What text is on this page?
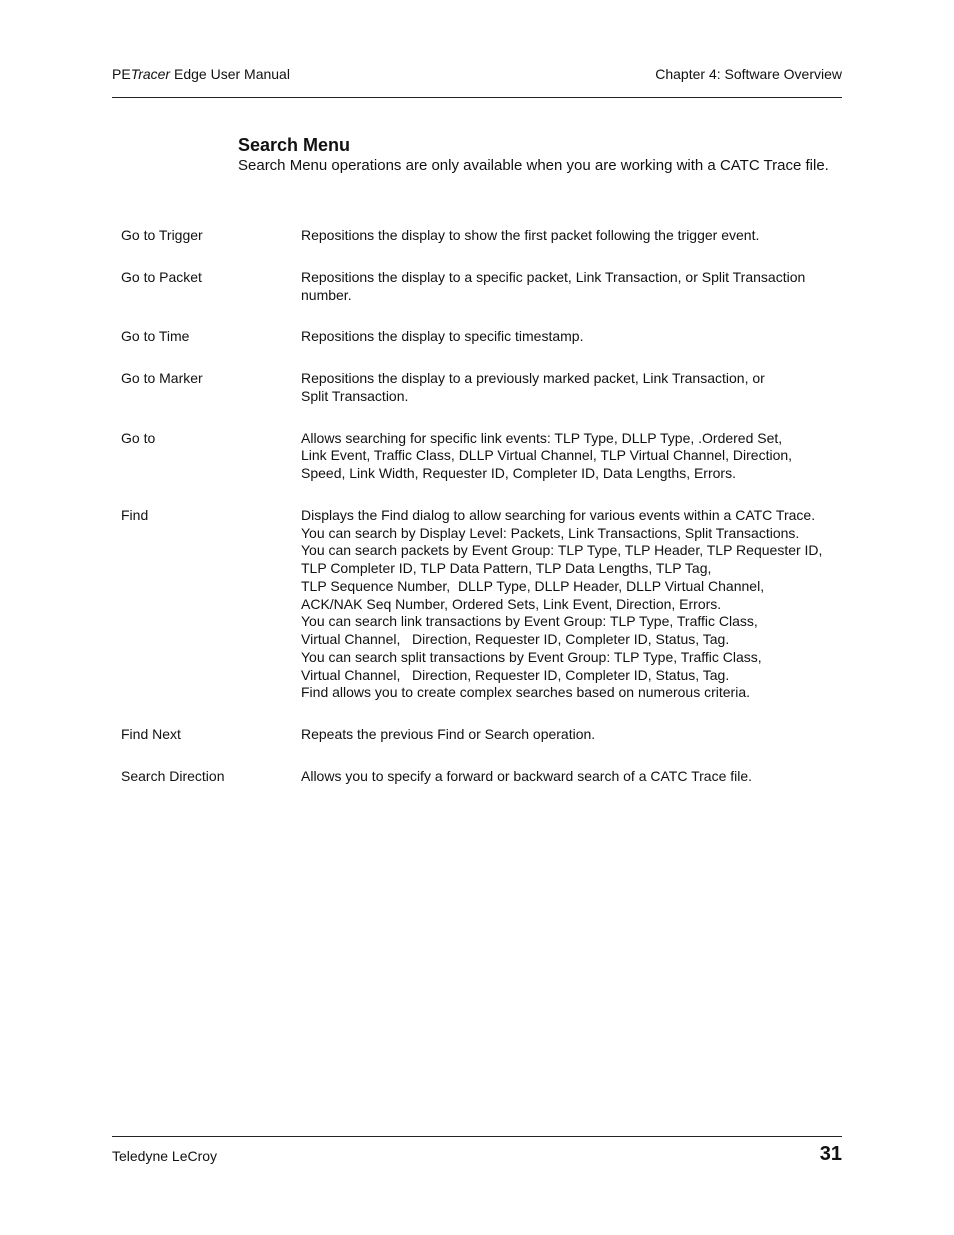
PETracer Edge User Manual	Chapter 4: Software Overview
Search Menu
Search Menu operations are only available when you are working with a CATC Trace file.
Go to Trigger	Repositions the display to show the first packet following the trigger event.
Go to Packet	Repositions the display to a specific packet, Link Transaction, or Split Transaction
number.
Go to Time	Repositions the display to specific timestamp.
Go to Marker	Repositions the display to a previously marked packet, Link Transaction, or
Split Transaction.
Go to	Allows searching for specific link events: TLP Type, DLLP Type, .Ordered Set,
Link Event, Traffic Class, DLLP Virtual Channel, TLP Virtual Channel, Direction,
Speed, Link Width, Requester ID, Completer ID, Data Lengths, Errors.
Find	Displays the Find dialog to allow searching for various events within a CATC Trace.
You can search by Display Level: Packets, Link Transactions, Split Transactions.
You can search packets by Event Group: TLP Type, TLP Header, TLP Requester ID,
TLP Completer ID, TLP Data Pattern, TLP Data Lengths, TLP Tag,
TLP Sequence Number,  DLLP Type, DLLP Header, DLLP Virtual Channel,
ACK/NAK Seq Number, Ordered Sets, Link Event, Direction, Errors.
You can search link transactions by Event Group: TLP Type, Traffic Class,
Virtual Channel,   Direction, Requester ID, Completer ID, Status, Tag.
You can search split transactions by Event Group: TLP Type, Traffic Class,
Virtual Channel,   Direction, Requester ID, Completer ID, Status, Tag.
Find allows you to create complex searches based on numerous criteria.
Find Next	Repeats the previous Find or Search operation.
Search Direction	Allows you to specify a forward or backward search of a CATC Trace file.
Teledyne LeCroy	31
